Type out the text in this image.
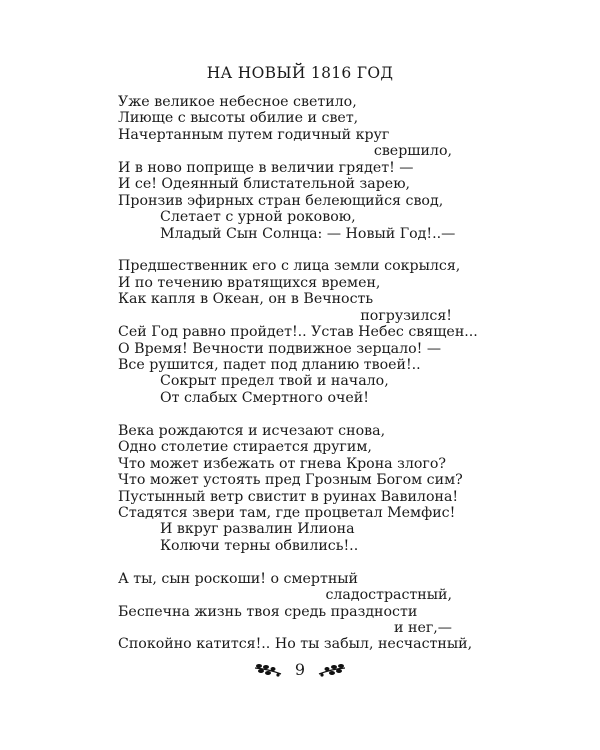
НА НОВЫЙ 1816 ГОД
Уже великое небесное светило,
Лиюще с высоты обилие и свет,
Начертанным путем годичный круг
свершило,
И в ново поприще в величии грядет! —
И се! Одеянный блистательной зарею,
Пронзив эфирных стран белеющийся свод,
Слетает с урной роковою,
Младый Сын Солнца: — Новый Год!..—
Предшественник его с лица земли сокрылся,
И по течению вратящихся времен,
Как капля в Океан, он в Вечность
погрузился!
Сей Год равно пройдет!.. Устав Небес священ...
О Время! Вечности подвижное зерцало! —
Все рушится, падет под дланию твоей!..
Сокрыт предел твой и начало,
От слабых Смертного очей!
Века рождаются и исчезают снова,
Одно столетие стирается другим,
Что может избежать от гнева Крона злого?
Что может устоять пред Грозным Богом сим?
Пустынный ветр свистит в руинах Вавилона!
Стадятся звери там, где процветал Мемфис!
И вкруг развалин Илиона
Колючи терны обвились!..
А ты, сын роскоши! о смертный
сладострастный,
Беспечна жизнь твоя средь праздности
и нег,—
Спокойно катится!.. Но ты забыл, несчастный,
9
